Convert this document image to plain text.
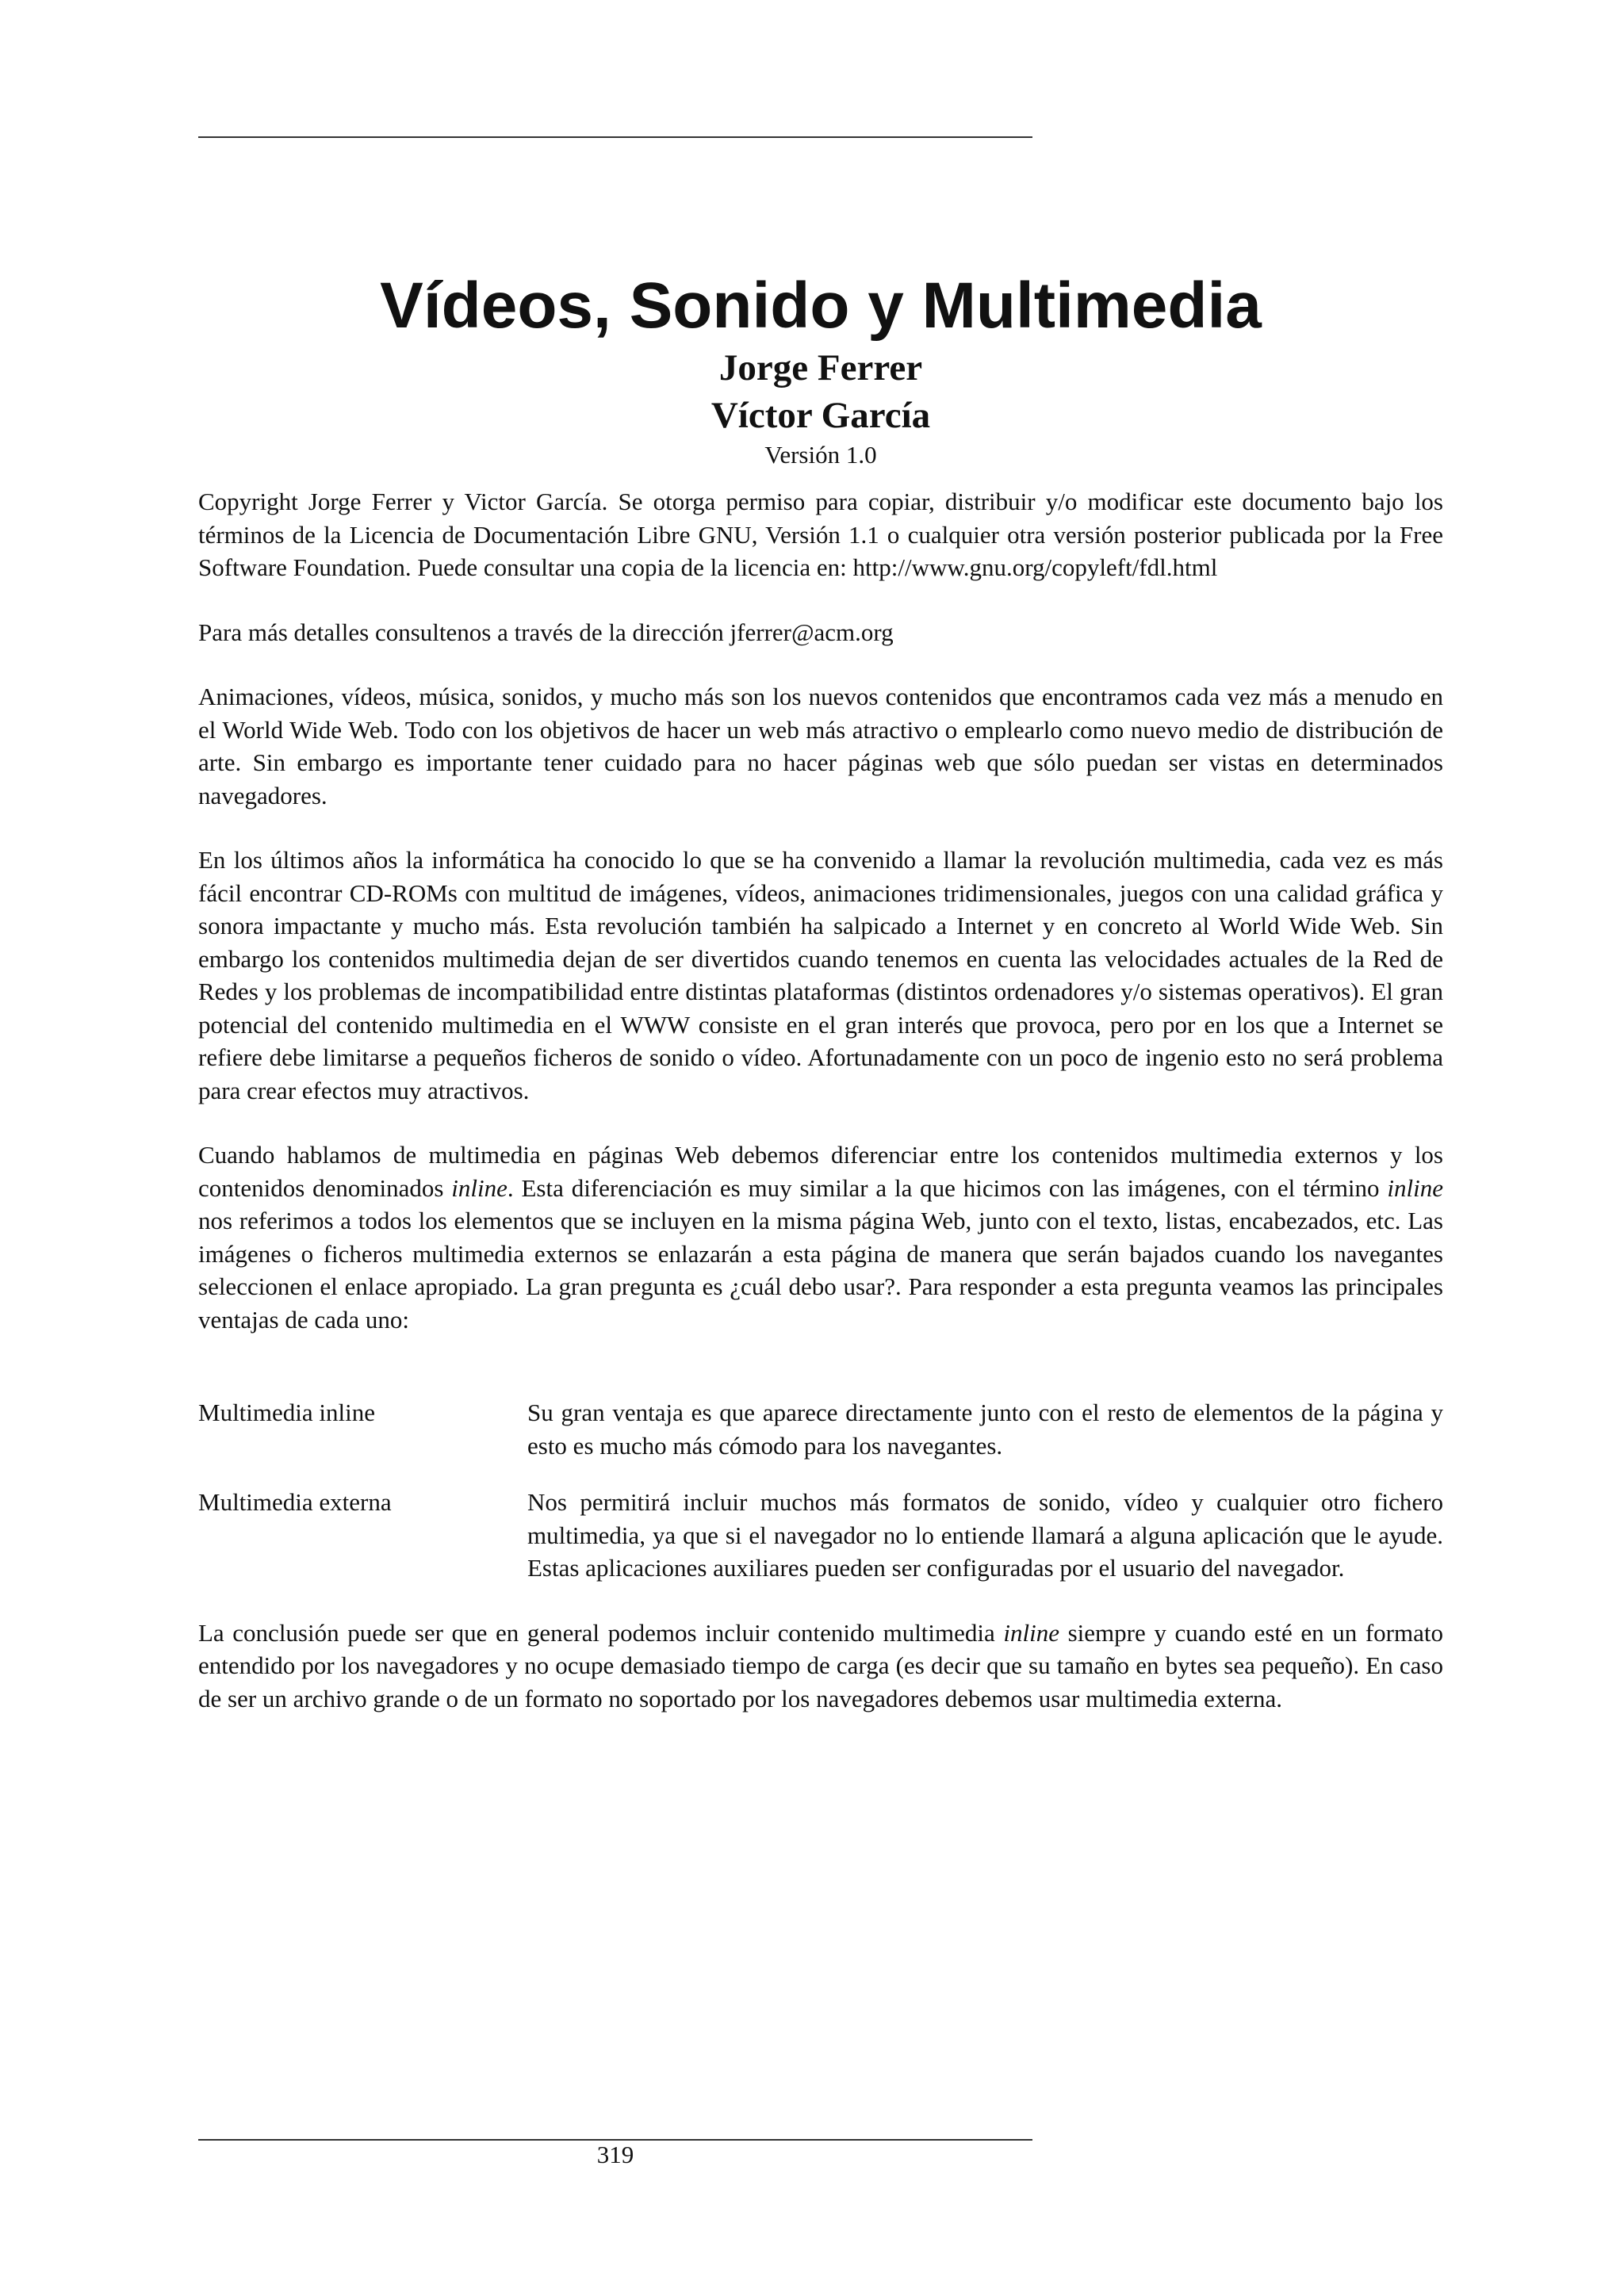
Vídeos, Sonido y Multimedia

Jorge Ferrer

Víctor García

Versión 1.0

Copyright Jorge Ferrer y Victor García. Se otorga permiso para copiar, distribuir y/o modificar este documento bajo los términos de la Licencia de Documentación Libre GNU, Versión 1.1 o cualquier otra versión posterior publicada por la Free Software Foundation. Puede consultar una copia de la licencia en: http://www.gnu.org/copyleft/fdl.html

Para más detalles consultenos a través de la dirección jferrer@acm.org

Animaciones, vídeos, música, sonidos, y mucho más son los nuevos contenidos que encontramos cada vez más a menudo en el World Wide Web. Todo con los objetivos de hacer un web más atractivo o emplearlo como nuevo medio de distribución de arte. Sin embargo es importante tener cuidado para no hacer páginas web que sólo puedan ser vistas en determinados navegadores.

En los últimos años la informática ha conocido lo que se ha convenido a llamar la revolución multimedia, cada vez es más fácil encontrar CD-ROMs con multitud de imágenes, vídeos, animaciones tridimensionales, juegos con una calidad gráfica y sonora impactante y mucho más. Esta revolución también ha salpicado a Internet y en concreto al World Wide Web. Sin embargo los contenidos multimedia dejan de ser divertidos cuando tenemos en cuenta las velocidades actuales de la Red de Redes y los problemas de incompatibilidad entre distintas plataformas (distintos ordenadores y/o sistemas operativos). El gran potencial del contenido multimedia en el WWW consiste en el gran interés que provoca, pero por en los que a Internet se refiere debe limitarse a pequeños ficheros de sonido o vídeo. Afortunadamente con un poco de ingenio esto no será problema para crear efectos muy atractivos.

Cuando hablamos de multimedia en páginas Web debemos diferenciar entre los contenidos multimedia externos y los contenidos denominados inline. Esta diferenciación es muy similar a la que hicimos con las imágenes, con el término inline nos referimos a todos los elementos que se incluyen en la misma página Web, junto con el texto, listas, encabezados, etc. Las imágenes o ficheros multimedia externos se enlazarán a esta página de manera que serán bajados cuando los navegantes seleccionen el enlace apropiado. La gran pregunta es ¿cuál debo usar?. Para responder a esta pregunta veamos las principales ventajas de cada uno:

Multimedia inline	Su gran ventaja es que aparece directamente junto con el resto de elementos de la página y esto es mucho más cómodo para los navegantes.
Multimedia externa	Nos permitirá incluir muchos más formatos de sonido, vídeo y cualquier otro fichero multimedia, ya que si el navegador no lo entiende llamará a alguna aplicación que le ayude. Estas aplicaciones auxiliares pueden ser configuradas por el usuario del navegador.

La conclusión puede ser que en general podemos incluir contenido multimedia inline siempre y cuando esté en un formato entendido por los navegadores y no ocupe demasiado tiempo de carga (es decir que su tamaño en bytes sea pequeño). En caso de ser un archivo grande o de un formato no soportado por los navegadores debemos usar multimedia externa.

319
